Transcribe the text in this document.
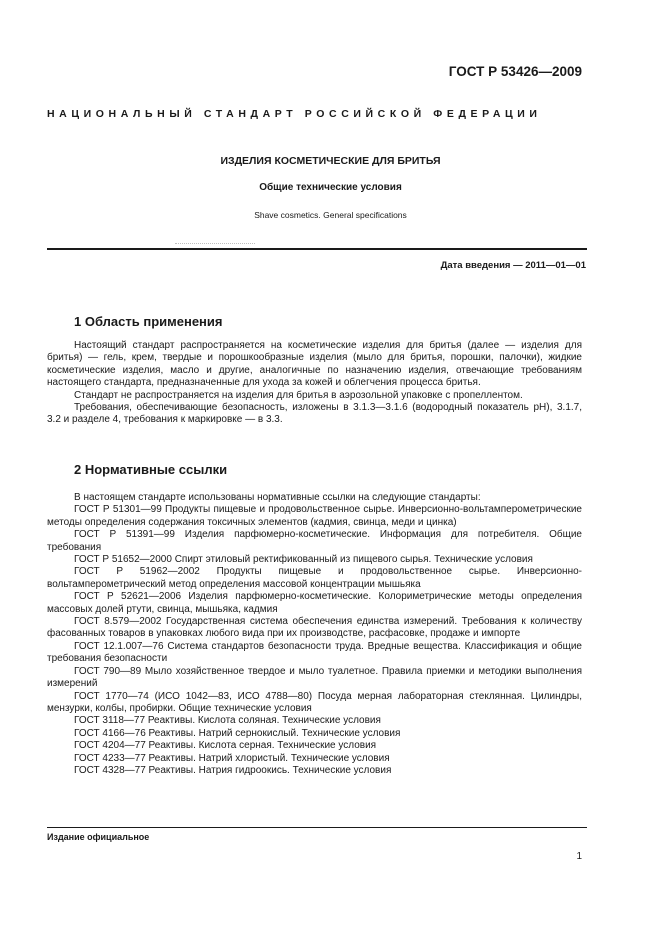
ГОСТ Р 53426—2009
НАЦИОНАЛЬНЫЙ СТАНДАРТ РОССИЙСКОЙ ФЕДЕРАЦИИ
ИЗДЕЛИЯ КОСМЕТИЧЕСКИЕ ДЛЯ БРИТЬЯ
Общие технические условия
Shave cosmetics. General specifications
Дата введения — 2011—01—01
1 Область применения

Настоящий стандарт распространяется на косметические изделия для бритья (далее — изделия для бритья) — гель, крем, твердые и порошкообразные изделия (мыло для бритья, порошки, палочки), жидкие косметические изделия, масло и другие, аналогичные по назначению изделия, отвечающие требованиям настоящего стандарта, предназначенные для ухода за кожей и облегчения процесса бритья.

Стандарт не распространяется на изделия для бритья в аэрозольной упаковке с пропеллентом.

Требования, обеспечивающие безопасность, изложены в 3.1.3—3.1.6 (водородный показатель рН), 3.1.7, 3.2 и разделе 4, требования к маркировке — в 3.3.

2 Нормативные ссылки

В настоящем стандарте использованы нормативные ссылки на следующие стандарты:

ГОСТ Р 51301—99 Продукты пищевые и продовольственное сырье. Инверсионно-вольтамперометрические методы определения содержания токсичных элементов (кадмия, свинца, меди и цинка)

ГОСТ Р 51391—99 Изделия парфюмерно-косметические. Информация для потребителя. Общие требования

ГОСТ Р 51652—2000 Спирт этиловый ректификованный из пищевого сырья. Технические условия

ГОСТ Р 51962—2002 Продукты пищевые и продовольственное сырье. Инверсионно-вольтамперометрический метод определения массовой концентрации мышьяка

ГОСТ Р 52621—2006 Изделия парфюмерно-косметические. Колориметрические методы определения массовых долей ртути, свинца, мышьяка, кадмия

ГОСТ 8.579—2002 Государственная система обеспечения единства измерений. Требования к количеству фасованных товаров в упаковках любого вида при их производстве, расфасовке, продаже и импорте

ГОСТ 12.1.007—76 Система стандартов безопасности труда. Вредные вещества. Классификация и общие требования безопасности

ГОСТ 790—89 Мыло хозяйственное твердое и мыло туалетное. Правила приемки и методики выполнения измерений

ГОСТ 1770—74 (ИСО 1042—83, ИСО 4788—80) Посуда мерная лабораторная стеклянная. Цилиндры, мензурки, колбы, пробирки. Общие технические условия

ГОСТ 3118—77 Реактивы. Кислота соляная. Технические условия

ГОСТ 4166—76 Реактивы. Натрий сернокислый. Технические условия

ГОСТ 4204—77 Реактивы. Кислота серная. Технические условия

ГОСТ 4233—77 Реактивы. Натрий хлористый. Технические условия

ГОСТ 4328—77 Реактивы. Натрия гидроокись. Технические условия

Издание официальное
1
